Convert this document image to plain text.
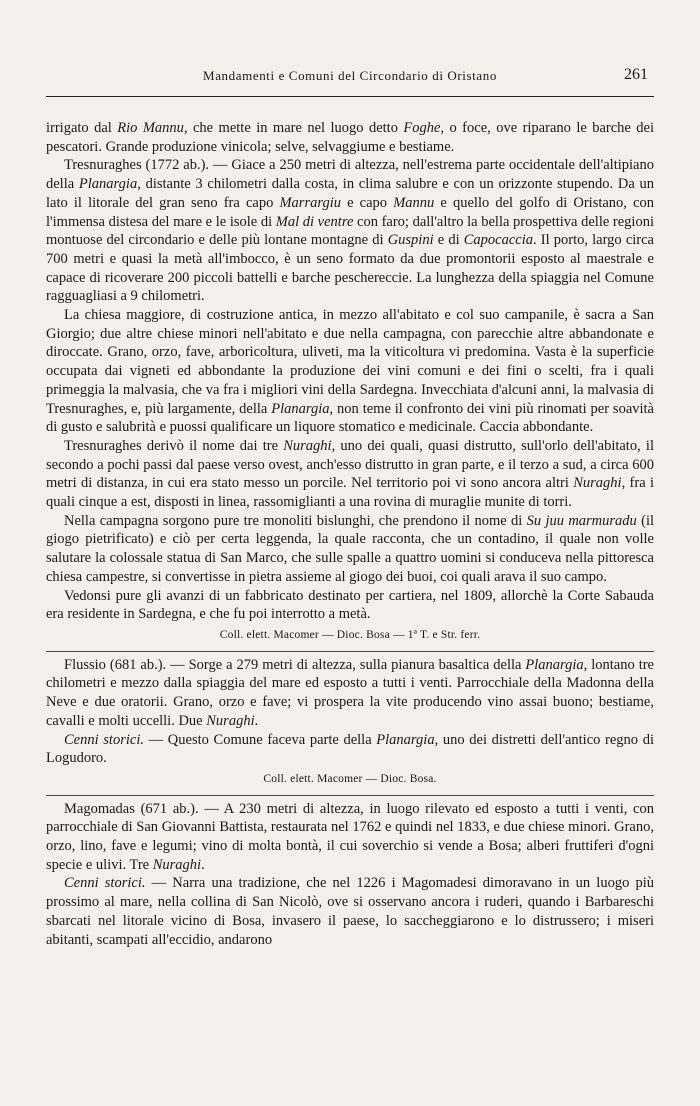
Mandamenti e Comuni del Circondario di Oristano	261

irrigato dal Rio Mannu, che mette in mare nel luogo detto Foghe, o foce, ove riparano le barche dei pescatori. Grande produzione vinicola; selve, selvaggiume e bestiame.

Tresnuraghes (1772 ab.). — Giace a 250 metri di altezza, nell'estrema parte occidentale dell'altipiano della Planargia, distante 3 chilometri dalla costa, in clima salubre e con un orizzonte stupendo. Da un lato il litorale del gran seno fra capo Marrargiu e capo Mannu e quello del golfo di Oristano, con l'immensa distesa del mare e le isole di Mal di ventre con faro; dall'altro la bella prospettiva delle regioni montuose del circondario e delle più lontane montagne di Guspini e di Capocaccia. Il porto, largo circa 700 metri e quasi la metà all'imbocco, è un seno formato da due promontorii esposto al maestrale e capace di ricoverare 200 piccoli battelli e barche peschereccie. La lunghezza della spiaggia nel Comune ragguagliasi a 9 chilometri.

La chiesa maggiore, di costruzione antica, in mezzo all'abitato e col suo campanile, è sacra a San Giorgio; due altre chiese minori nell'abitato e due nella campagna, con parecchie altre abbandonate e diroccate. Grano, orzo, fave, arboricoltura, uliveti, ma la viticoltura vi predomina. Vasta è la superficie occupata dai vigneti ed abbondante la produzione dei vini comuni e dei fini o scelti, fra i quali primeggia la malvasia, che va fra i migliori vini della Sardegna. Invecchiata d'alcuni anni, la malvasia di Tresnuraghes, e, più largamente, della Planargia, non teme il confronto dei vini più rinomati per soavità di gusto e salubrità e puossi qualificare un liquore stomatico e medicinale. Caccia abbondante.

Tresnuraghes derivò il nome dai tre Nuraghi, uno dei quali, quasi distrutto, sull'orlo dell'abitato, il secondo a pochi passi dal paese verso ovest, anch'esso distrutto in gran parte, e il terzo a sud, a circa 600 metri di distanza, in cui era stato messo un porcile. Nel territorio poi vi sono ancora altri Nuraghi, fra i quali cinque a est, disposti in linea, rassomiglianti a una rovina di muraglie munite di torri.

Nella campagna sorgono pure tre monoliti bislunghi, che prendono il nome di Su juu marmuradu (il giogo pietrificato) e ciò per certa leggenda, la quale racconta, che un contadino, il quale non volle salutare la colossale statua di San Marco, che sulle spalle a quattro uomini si conduceva nella pittoresca chiesa campestre, si convertisse in pietra assieme al giogo dei buoi, coi quali arava il suo campo.

Vedonsi pure gli avanzi di un fabbricato destinato per cartiera, nel 1809, allorchè la Corte Sabauda era residente in Sardegna, e che fu poi interrotto a metà.

Coll. elett. Macomer — Dioc. Bosa — 1ª T. e Str. ferr.

Flussio (681 ab.). — Sorge a 279 metri di altezza, sulla pianura basaltica della Planargia, lontano tre chilometri e mezzo dalla spiaggia del mare ed esposto a tutti i venti. Parrocchiale della Madonna della Neve e due oratorii. Grano, orzo e fave; vi prospera la vite producendo vino assai buono; bestiame, cavalli e molti uccelli. Due Nuraghi.

Cenni storici. — Questo Comune faceva parte della Planargia, uno dei distretti dell'antico regno di Logudoro.

Coll. elett. Macomer — Dioc. Bosa.

Magomadas (671 ab.). — A 230 metri di altezza, in luogo rilevato ed esposto a tutti i venti, con parrocchiale di San Giovanni Battista, restaurata nel 1762 e quindi nel 1833, e due chiese minori. Grano, orzo, lino, fave e legumi; vino di molta bontà, il cui soverchio si vende a Bosa; alberi fruttiferi d'ogni specie e ulivi. Tre Nuraghi.

Cenni storici. — Narra una tradizione, che nel 1226 i Magomadesi dimoravano in un luogo più prossimo al mare, nella collina di San Nicolò, ove si osservano ancora i ruderi, quando i Barbareschi sbarcati nel litorale vicino di Bosa, invasero il paese, lo saccheggiarono e lo distrussero; i miseri abitanti, scampati all'eccidio, andarono
